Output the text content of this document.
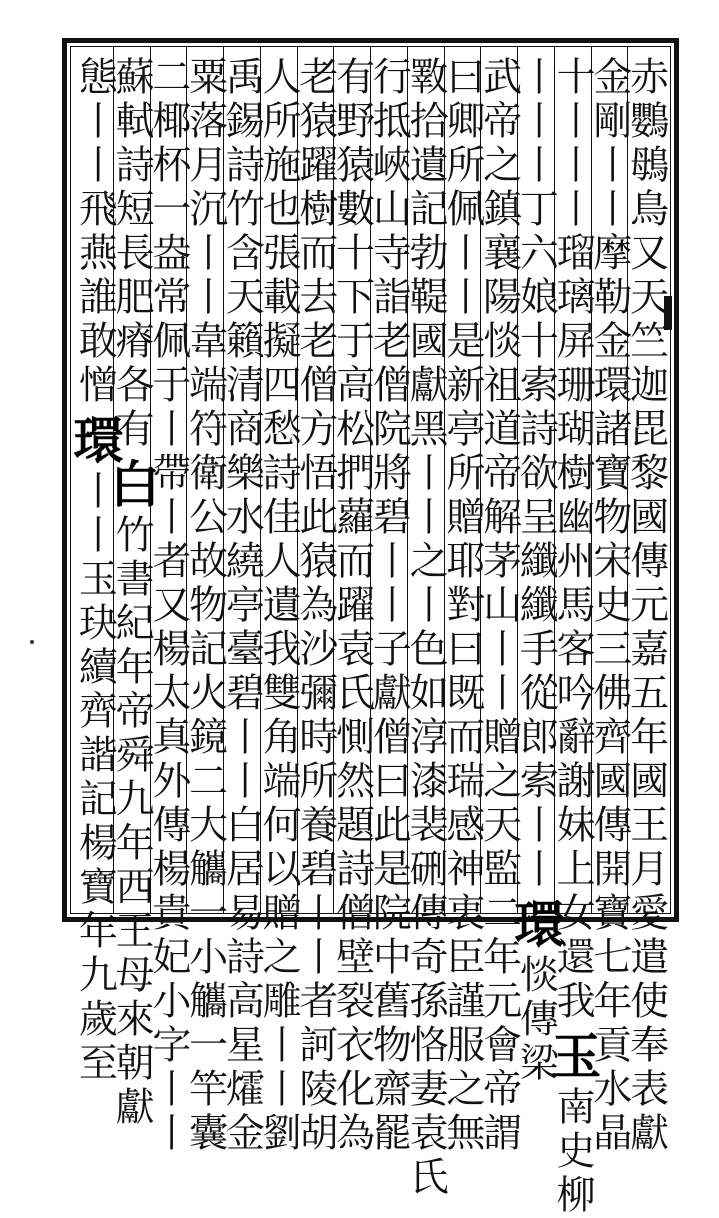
赤鸚䳇鳥又天竺迦毘黎國傳元嘉五年國王月愛遣使奉表獻
金剛丨丨摩勒金環諸寶物宋史三佛齊國傳開寶七年貢水晶
十丨丨丨瑠璃屏珊瑚樹幽州馬客吟辭謝妹上女還我
玉
南史柳
丨丨丨丁六娘十索詩欲呈纖纖手從郎索丨丨
環
惔傳梁
武帝之鎮襄陽惔祖道帝解茅山丨丨贈之天監二年元會帝謂
曰卿所佩丨丨是新亭所贈耶對曰既而瑞感神衷臣謹服之無
斁拾遺記勃鞮國獻黑丨丨之丨色如淳漆裴硎傳奇孫恪妻袁氏
行抵峽山寺詣老僧院將碧丨丨子獻僧曰此是院中舊物齋罷
有野猿數十下于高松捫蘿而躍袁氏惻然題詩僧壁裂衣化為
老猿躍樹而去老僧方悟此猿為沙彌時所養碧丨丨者訶陵胡
人所施也張載擬四愁詩佳人遺我雙角端何以贈之雕丨丨劉
禹錫詩竹含天籟清商樂水繞亭臺碧丨丨白居易詩高星㸌金
粟落月沉丨丨韋端符衛公故物記火鏡二大觿一小觿一竿囊
二椰杯一盎常佩于丨帶丨者又楊太真外傳楊貴妃小字丨丨
蘇軾詩短長肥瘠各有
白
竹書紀年帝舜九年西王母來朝獻
態丨丨飛燕誰敢憎
環
丨丨玉玦續齊諧記楊寶年九歲至
